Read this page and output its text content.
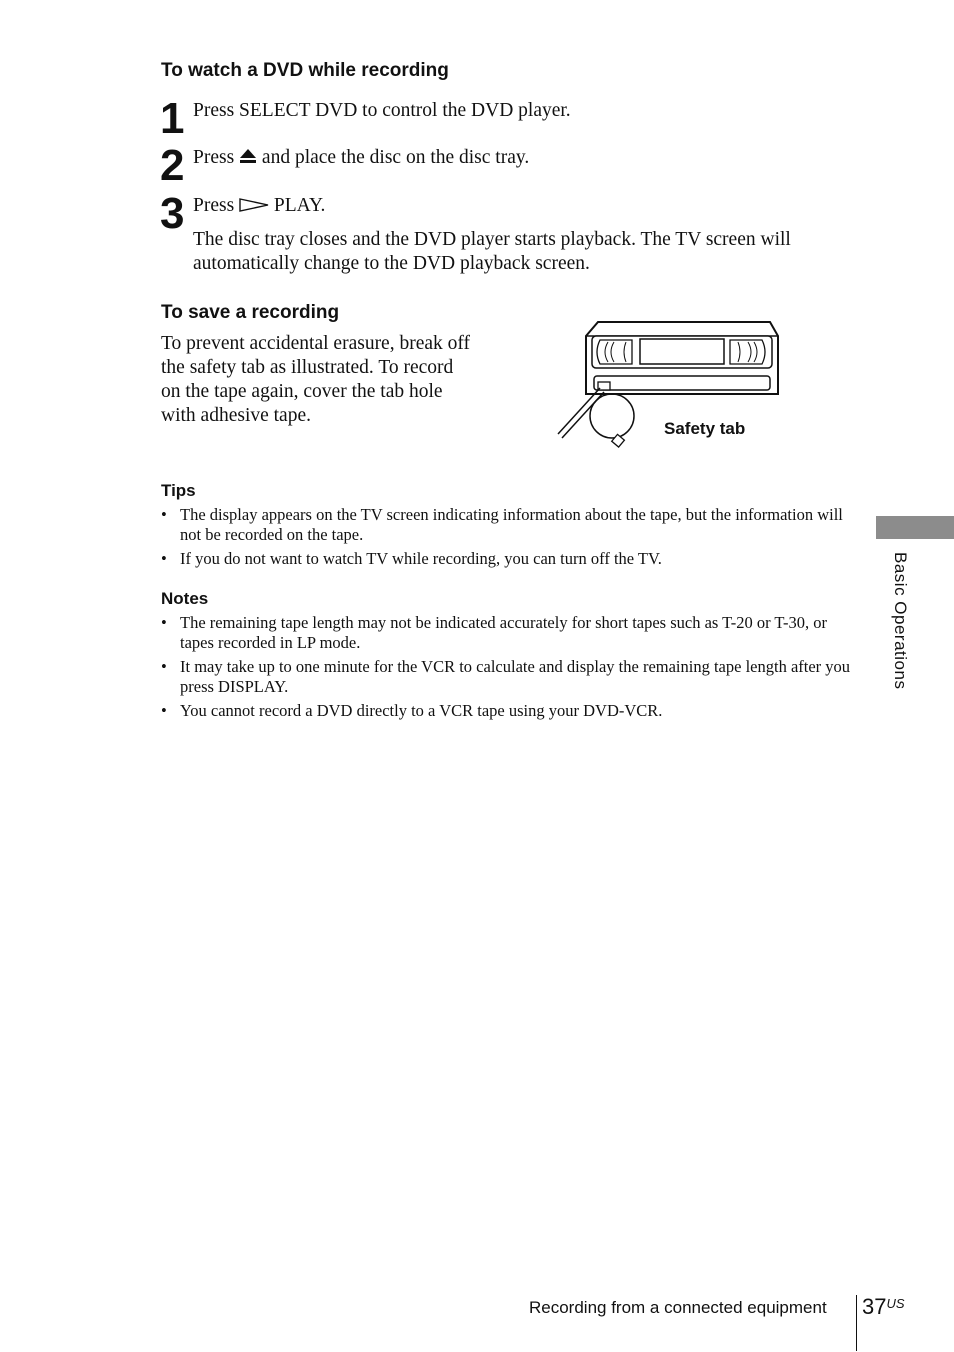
To watch a DVD while recording
1 Press SELECT DVD to control the DVD player.
2 Press and place the disc on the disc tray.
3 Press PLAY.
The disc tray closes and the DVD player starts playback. The TV screen will automatically change to the DVD playback screen.
To save a recording
To prevent accidental erasure, break off the safety tab as illustrated. To record on the tape again, cover the tab hole with adhesive tape.
Safety tab
Tips
• The display appears on the TV screen indicating information about the tape, but the information will not be recorded on the tape.
• If you do not want to watch TV while recording, you can turn off the TV.
Notes
• The remaining tape length may not be indicated accurately for short tapes such as T-20 or T-30, or tapes recorded in LP mode.
• It may take up to one minute for the VCR to calculate and display the remaining tape length after you press DISPLAY.
• You cannot record a DVD directly to a VCR tape using your DVD-VCR.
Basic Operations
Recording from a connected equipment $37^{US}$
